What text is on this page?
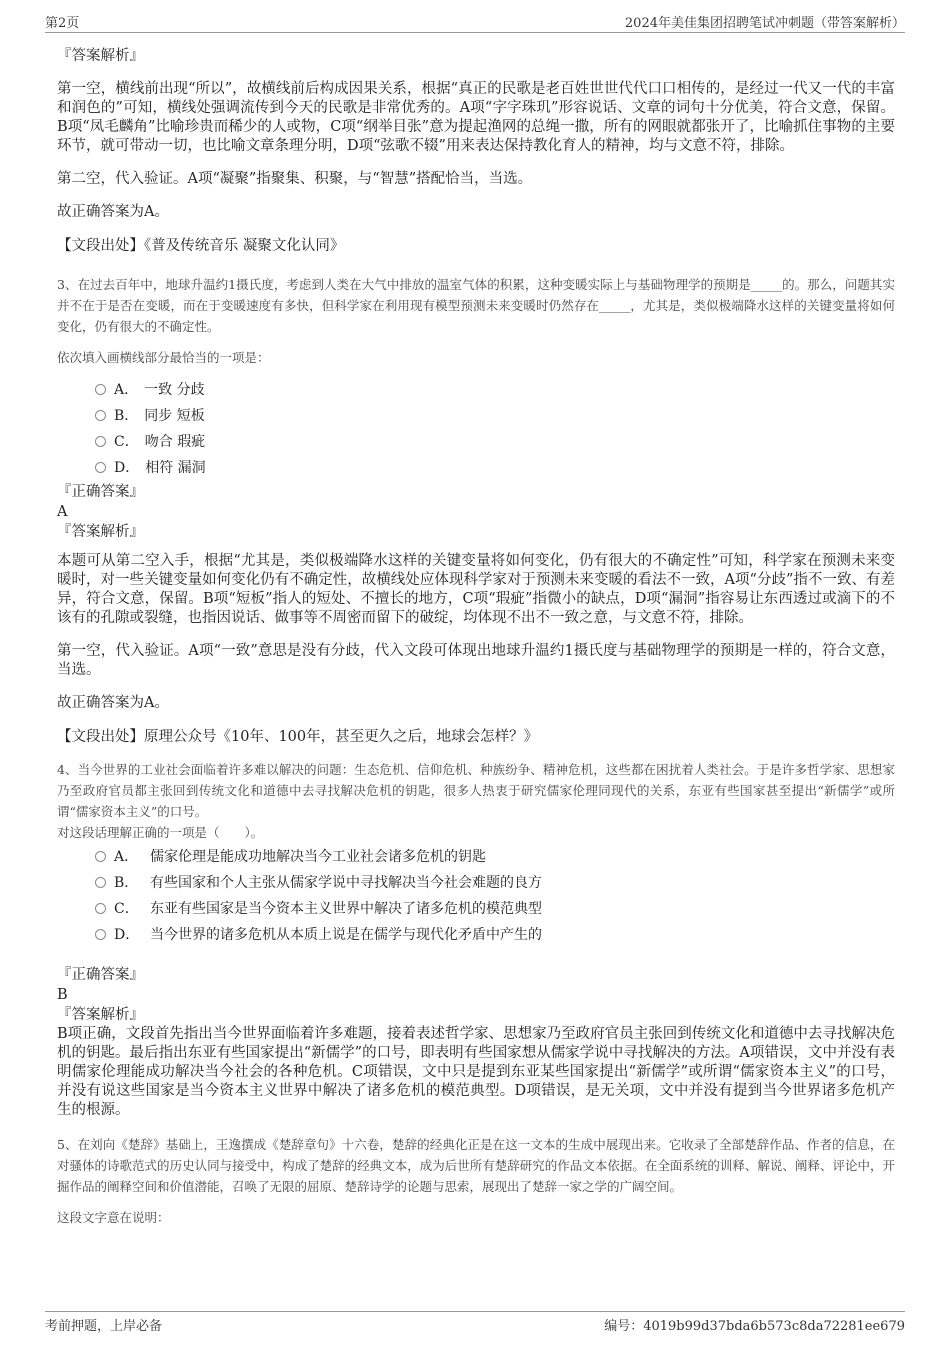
第2页	2024年美佳集团招聘笔试冲刺题（带答案解析）
『答案解析』
第一空，横线前出现“所以”，故横线前后构成因果关系，根据“真正的民歌是老百姓世世代代口口相传的，是经过一代又一代的丰富和润色的”可知，横线处强调流传到今天的民歌是非常优秀的。A项“字字珠玑”形容说话、文章的词句十分优美，符合文意，保留。B项“凤毛麟角”比喻珍贵而稀少的人或物，C项“纲举目张”意为提起渔网的总绳一撒，所有的网眼就都张开了，比喻抓住事物的主要环节，就可带动一切，也比喻文章条理分明，D项“弦歌不辍”用来表达保持教化育人的精神，均与文意不符，排除。
第二空，代入验证。A项“凝聚”指聚集、积聚，与“智慧”搭配恰当，当选。
故正确答案为A。
【文段出处】《普及传统音乐 凝聚文化认同》
3、在过去百年中，地球升温约1摄氏度，考虑到人类在大气中排放的温室气体的积累，这种变暖实际上与基础物理学的预期是_____的。那么，问题其实并不在于是否在变暖，而在于变暖速度有多快，但科学家在利用现有模型预测未来变暖时仍然存在_____，尤其是，类似极端降水这样的关键变量将如何变化，仍有很大的不确定性。
依次填入画横线部分最恰当的一项是：
A． 一致 分歧
B． 同步 短板
C． 吻合 瑕疵
D． 相符 漏洞
『正确答案』
A
『答案解析』
本题可从第二空入手，根据“尤其是，类似极端降水这样的关键变量将如何变化，仍有很大的不确定性”可知，科学家在预测未来变暖时，对一些关键变量如何变化仍有不确定性，故横线处应体现科学家对于预测未来变暖的看法不一致，A项“分歧”指不一致、有差异，符合文意，保留。B项“短板”指人的短处、不擅长的地方，C项“瑕疵”指微小的缺点，D项“漏洞”指容易让东西透过或滴下的不该有的孔隙或裂缝，也指因说话、做事等不周密而留下的破绽，均体现不出不一致之意，与文意不符，排除。
第一空，代入验证。A项“一致”意思是没有分歧，代入文段可体现出地球升温约1摄氏度与基础物理学的预期是一样的，符合文意，当选。
故正确答案为A。
【文段出处】原理公众号《10年、100年，甚至更久之后，地球会怎样？》
4、当今世界的工业社会面临着许多难以解决的问题：生态危机、信仰危机、种族纷争、精神危机，这些都在困扰着人类社会。于是许多哲学家、思想家乃至政府官员都主张回到传统文化和道德中去寻找解决危机的钥匙，很多人热衷于研究儒家伦理同现代的关系，东亚有些国家甚至提出“新儒学”或所谓“儒家资本主义”的口号。
对这段话理解正确的一项是（　　）。
A． 儒家伦理是能成功地解决当今工业社会诸多危机的钥匙
B． 有些国家和个人主张从儒家学说中寻找解决当今社会难题的良方
C． 东亚有些国家是当今资本主义世界中解决了诸多危机的模范典型
D． 当今世界的诸多危机从本质上说是在儒学与现代化矛盾中产生的
『正确答案』
B
『答案解析』
B项正确，文段首先指出当今世界面临着许多难题，接着表述哲学家、思想家乃至政府官员主张回到传统文化和道德中去寻找解决危机的钥匙。最后指出东亚有些国家提出“新儒学”的口号，即表明有些国家想从儒家学说中寻找解决的方法。A项错误，文中并没有表明儒家伦理能成功解决当今社会的各种危机。C项错误，文中只是提到东亚某些国家提出“新儒学”或所谓“儒家资本主义”的口号，并没有说这些国家是当今资本主义世界中解决了诸多危机的模范典型。D项错误，是无关项，文中并没有提到当今世界诸多危机产生的根源。
5、在刘向《楚辞》基础上，王逸撰成《楚辞章句》十六卷，楚辞的经典化正是在这一文本的生成中展现出来。它收录了全部楚辞作品、作者的信息，在对骚体的诗歌范式的历史认同与接受中，构成了楚辞的经典文本，成为后世所有楚辞研究的作品文本依据。在全面系统的训释、解说、阐释、评论中，开掘作品的阐释空间和价值潜能，召唤了无限的屈原、楚辞诗学的论题与思索，展现出了楚辞一家之学的广阔空间。
这段文字意在说明：
考前押题，上岸必备	编号：4019b99d37bda6b573c8da72281ee679
